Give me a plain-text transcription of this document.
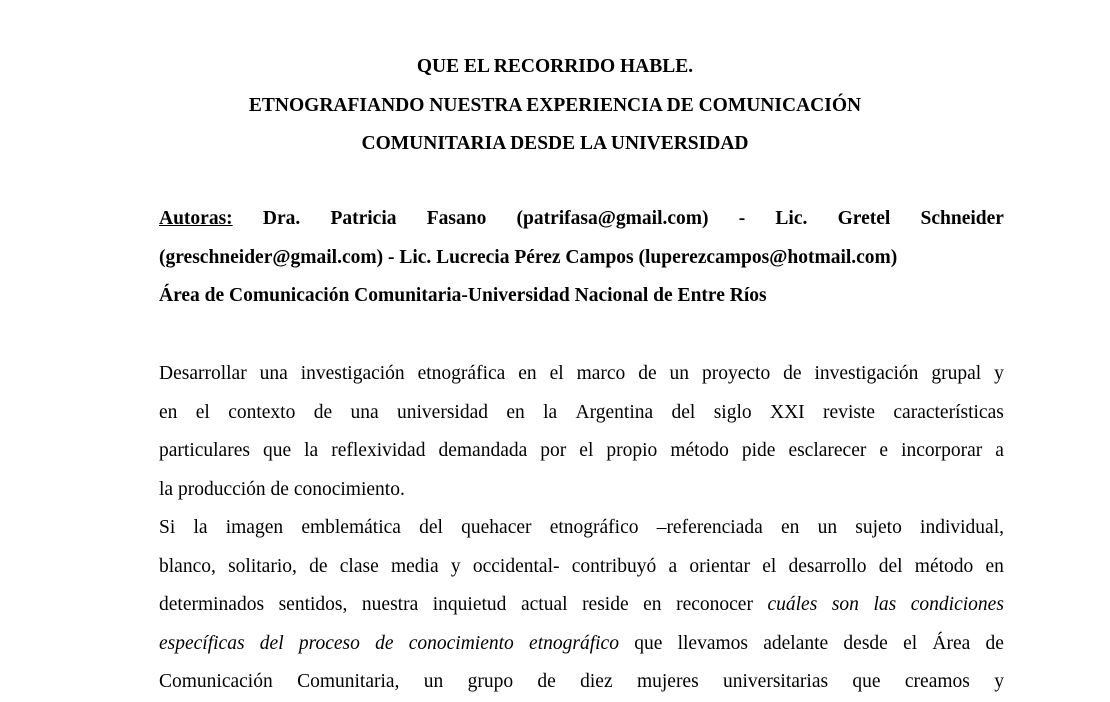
QUE EL RECORRIDO HABLE.
ETNOGRAFIANDO NUESTRA EXPERIENCIA DE COMUNICACIÓN
COMUNITARIA DESDE LA UNIVERSIDAD
Autoras: Dra. Patricia Fasano (patrifasa@gmail.com) - Lic. Gretel Schneider
(greschneider@gmail.com) - Lic. Lucrecia Pérez Campos (luperezcampos@hotmail.com)
Área de Comunicación Comunitaria-Universidad Nacional de Entre Ríos
Desarrollar una investigación etnográfica en el marco de un proyecto de investigación grupal y
en el contexto de una universidad en la Argentina del siglo XXI reviste características
particulares que la reflexividad demandada por el propio método pide esclarecer e incorporar a
la producción de conocimiento.
Si la imagen emblemática del quehacer etnográfico –referenciada en un sujeto individual,
blanco, solitario, de clase media y occidental- contribuyó a orientar el desarrollo del método en
determinados sentidos, nuestra inquietud actual reside en reconocer cuáles son las condiciones
específicas del proceso de conocimiento etnográfico que llevamos adelante desde el Área de
Comunicación Comunitaria, un grupo de diez mujeres universitarias que creamos y
